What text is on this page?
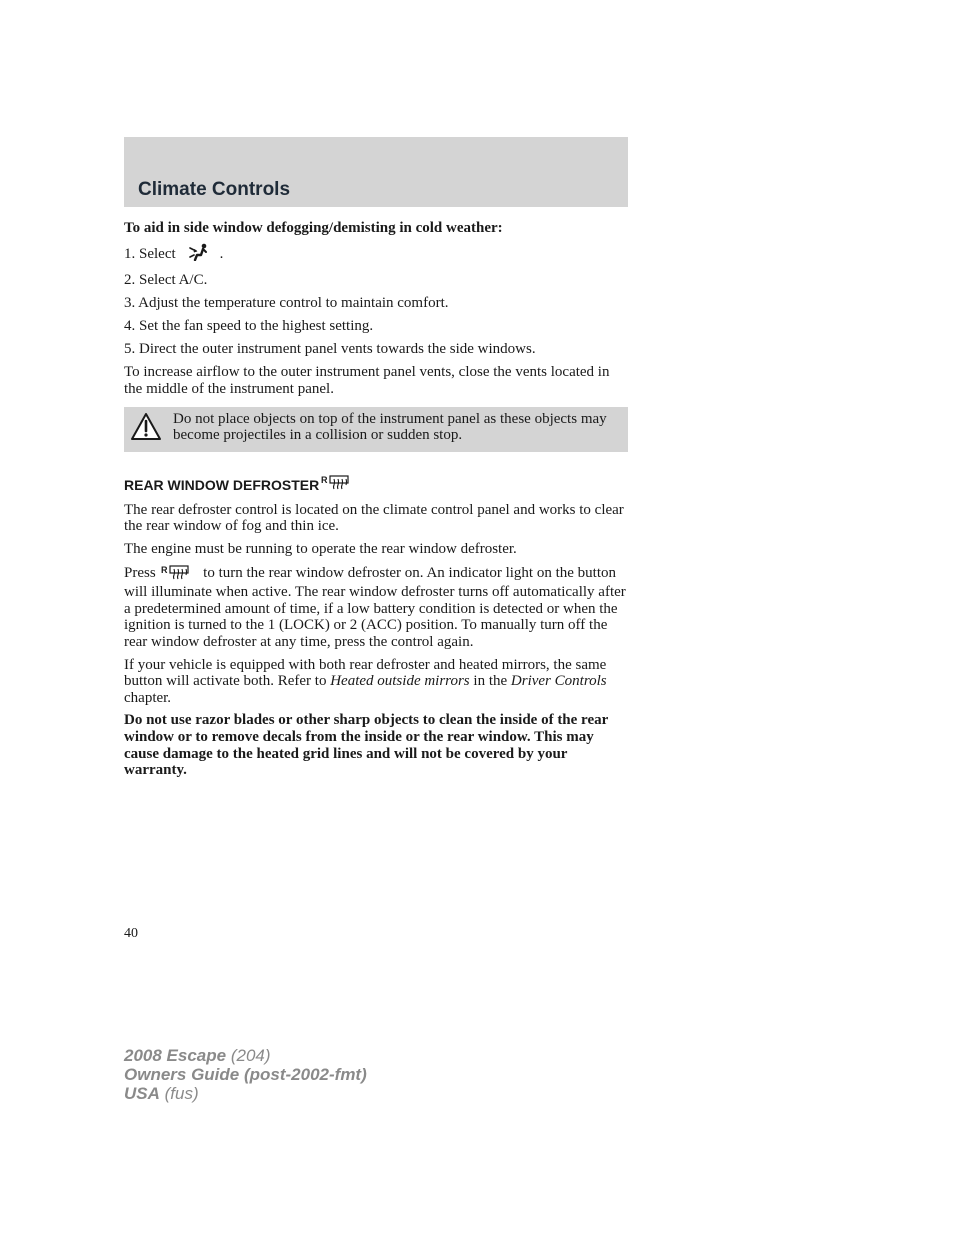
Climate Controls

To aid in side window defogging/demisting in cold weather:

1. Select	.
2. Select A/C.
3. Adjust the temperature control to maintain comfort.
4. Set the fan speed to the highest setting.
5. Direct the outer instrument panel vents towards the side windows.

To increase airflow to the outer instrument panel vents, close the vents located in the middle of the instrument panel.

Do not place objects on top of the instrument panel as these objects may become projectiles in a collision or sudden stop.
REAR WINDOW DEFROSTER R

The rear defroster control is located on the climate control panel and works to clear the rear window of fog and thin ice.

The engine must be running to operate the rear window defroster.

Press R to turn the rear window defroster on. An indicator light on the button will illuminate when active. The rear window defroster turns off automatically after a predetermined amount of time, if a low battery condition is detected or when the ignition is turned to the 1 (LOCK) or 2 (ACC) position. To manually turn off the rear window defroster at any time, press the control again.

If your vehicle is equipped with both rear defroster and heated mirrors, the same button will activate both. Refer to Heated outside mirrors in the Driver Controls chapter.

Do not use razor blades or other sharp objects to clean the inside of the rear window or to remove decals from the inside or the rear window. This may cause damage to the heated grid lines and will not be covered by your warranty.

40
2008 Escape (204)
Owners Guide (post-2002-fmt)
USA (fus)
